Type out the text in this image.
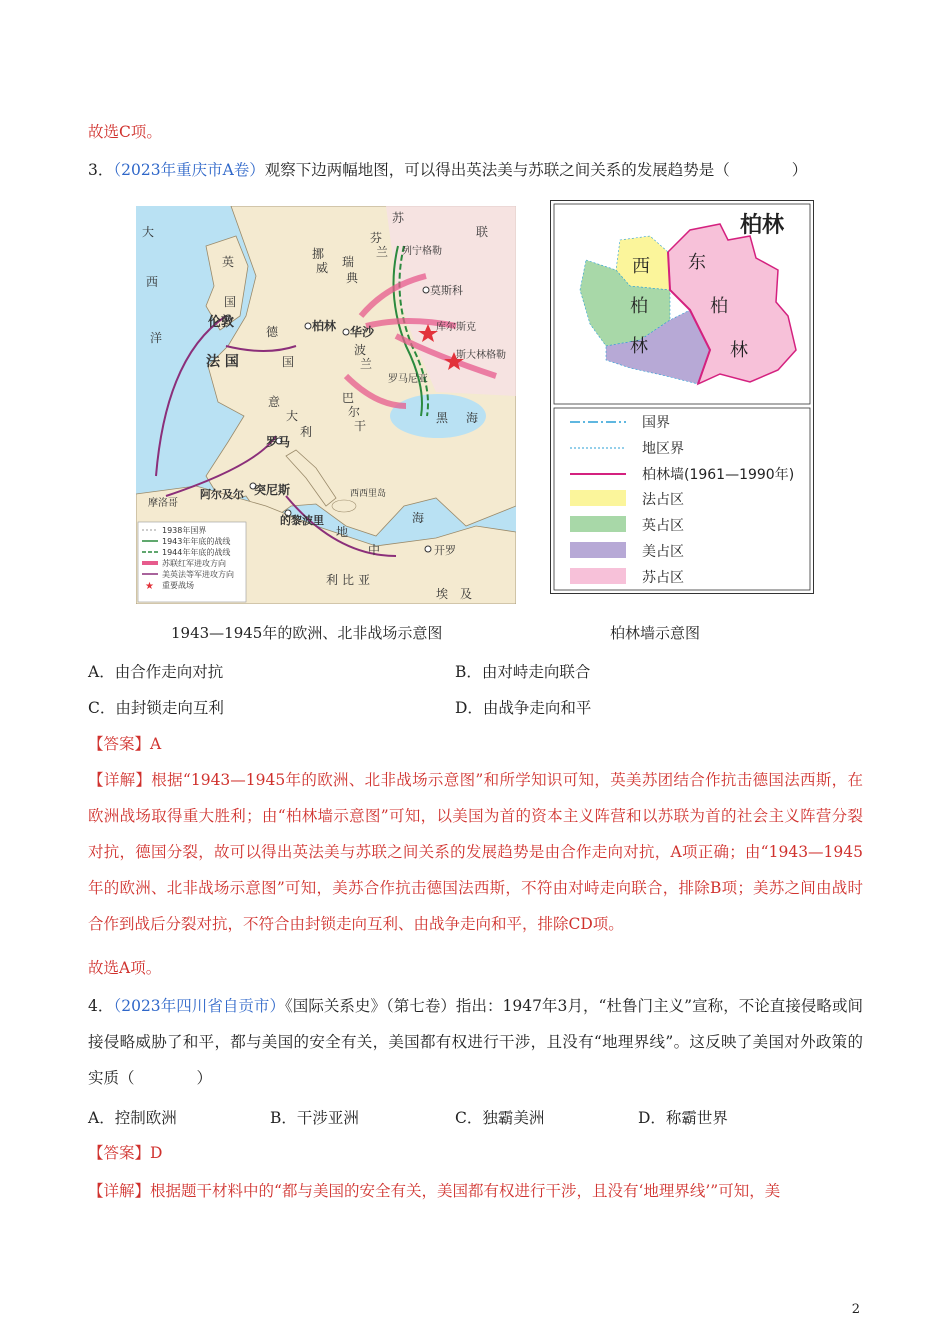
故选C项。
3．（2023年重庆市A卷）观察下边两幅地图，可以得出英法美与苏联之间关系的发展趋势是（　　　　）
大
西
洋
英
国
伦敦
法 国
德
国
柏林 华沙
苏
联
莫斯科
列宁格勒
库尔斯克
斯大林格勒
罗马
突尼斯
阿尔及尔
的黎波里
开罗
西西里岛
地
中
海
黑 海
意
大
利
利 比 亚
埃 及
摩 洛 哥
罗马尼亚
挪
威 瑞
典
芬
兰
波
兰
巴
尔
干
1938年国界
1943年年底的战线
1944年年底的战线
苏联红军进攻方向
美英法等军进攻方向
★ 重要战场
柏林
西
柏
林
东
柏
林
国界
地区界
柏林墙(1961—1990年)
法占区
英占区
美占区
苏占区
1943—1945年的欧洲、北非战场示意图	柏林墙示意图
A．由合作走向对抗	B．由对峙走向联合
C．由封锁走向互利	D．由战争走向和平
【答案】A
【详解】根据“1943—1945年的欧洲、北非战场示意图”和所学知识可知，英美苏团结合作抗击德国法西斯，在欧洲战场取得重大胜利；由“柏林墙示意图”可知，以美国为首的资本主义阵营和以苏联为首的社会主义阵营分裂对抗，德国分裂，故可以得出英法美与苏联之间关系的发展趋势是由合作走向对抗，A项正确；由“1943—1945年的欧洲、北非战场示意图”可知，美苏合作抗击德国法西斯，不符由对峙走向联合，排除B项；美苏之间由战时合作到战后分裂对抗，不符合由封锁走向互利、由战争走向和平，排除CD项。
故选A项。
4．（2023年四川省自贡市）《国际关系史》（第七卷）指出：1947年3月，“杜鲁门主义”宣称，不论直接侵略或间接侵略威胁了和平，都与美国的安全有关，美国都有权进行干涉，且没有“地理界线”。这反映了美国对外政策的实质（　　　　）
A．控制欧洲	B．干涉亚洲	C．独霸美洲	D．称霸世界
【答案】D
【详解】根据题干材料中的“都与美国的安全有关，美国都有权进行干涉，且没有‘地理界线’”可知，美
2
